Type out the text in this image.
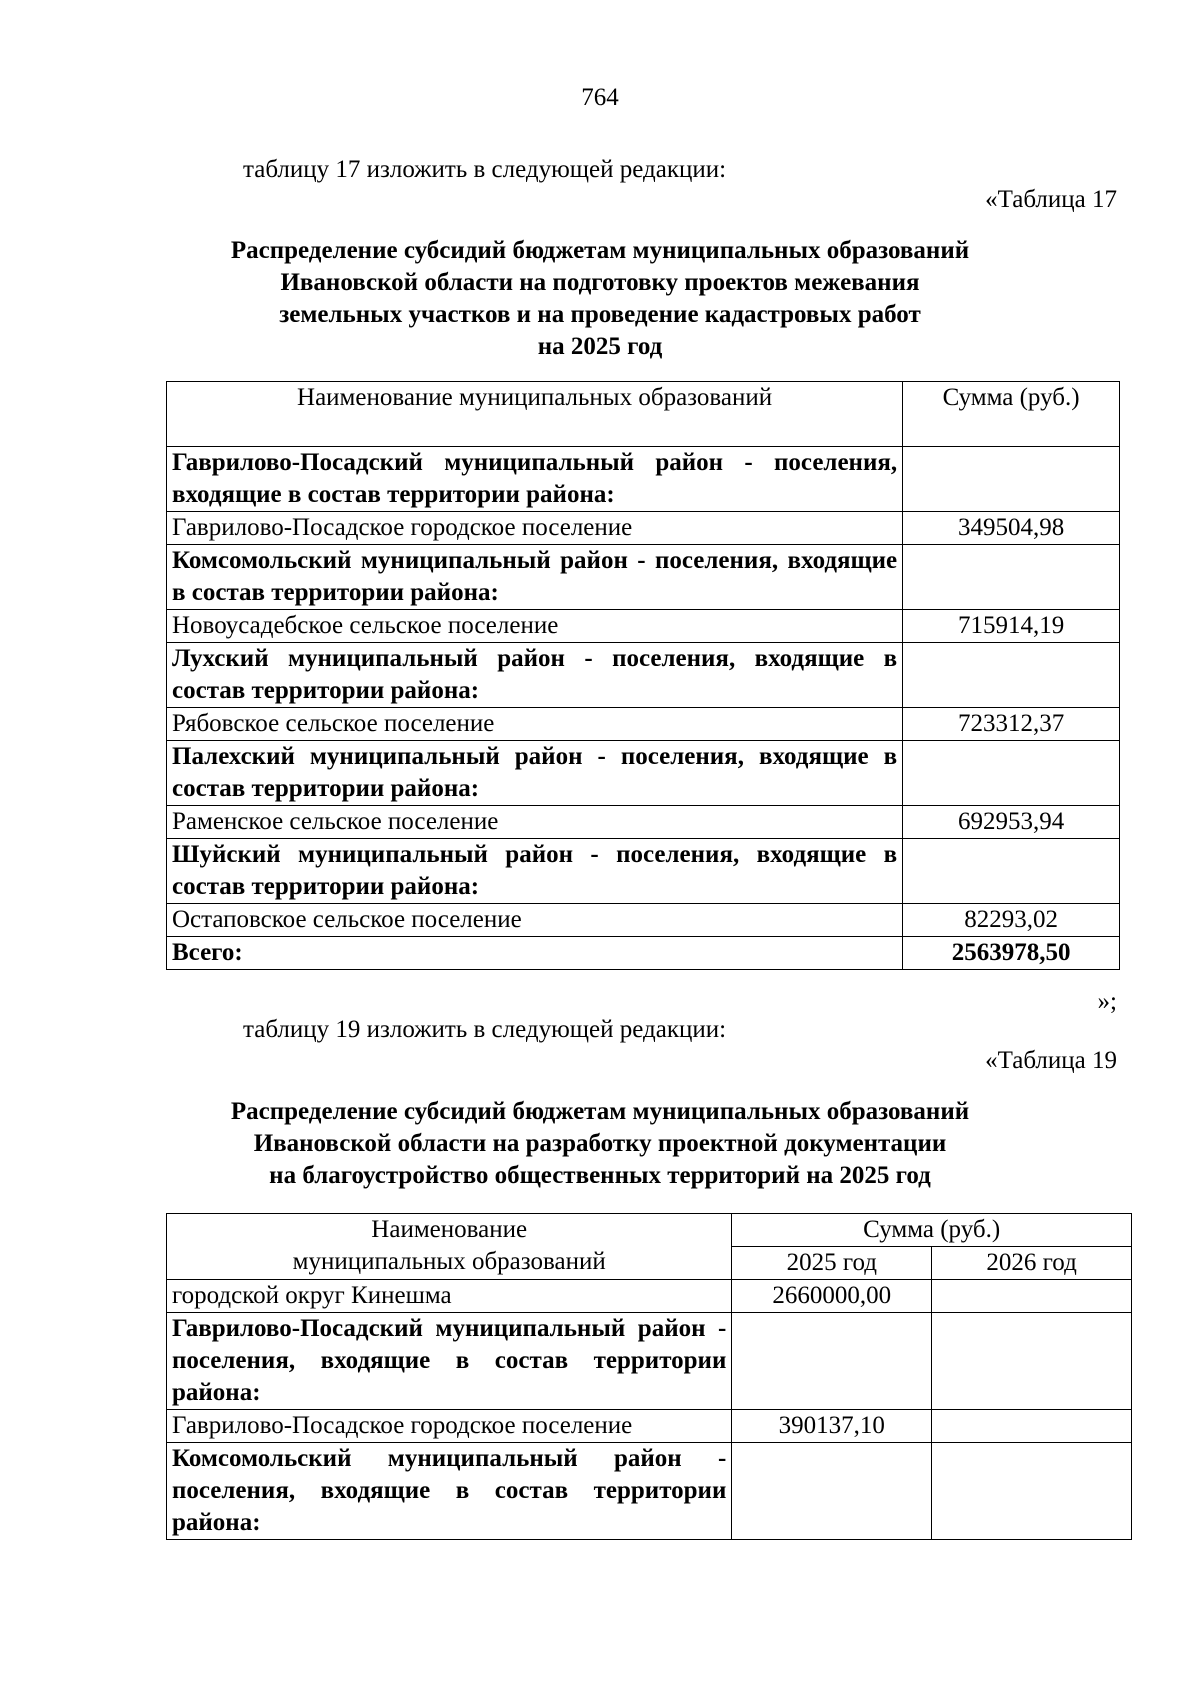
764
таблицу 17 изложить в следующей редакции:
«Таблица 17
Распределение субсидий бюджетам муниципальных образований
Ивановской области на подготовку проектов межевания
земельных участков и на проведение кадастровых работ
на 2025 год
Наименование муниципальных образований	Сумма (руб.)
Гаврилово-Посадский муниципальный район - поселения, входящие в состав территории района:	
Гаврилово-Посадское городское поселение	349504,98
Комсомольский муниципальный район - поселения, входящие в состав территории района:	
Новоусадебское сельское поселение	715914,19
Лухский муниципальный район - поселения, входящие в состав территории района:	
Рябовское сельское поселение	723312,37
Палехский муниципальный район - поселения, входящие в состав территории района:	
Раменское сельское поселение	692953,94
Шуйский муниципальный район - поселения, входящие в состав территории района:	
Остаповское сельское поселение	82293,02
Всего:	2563978,50
»;
таблицу 19 изложить в следующей редакции:
«Таблица 19
Распределение субсидий бюджетам муниципальных образований
Ивановской области на разработку проектной документации
на благоустройство общественных территорий на 2025 год
Наименование
муниципальных образований	Сумма (руб.)	
	2025 год	2026 год
городской округ Кинешма	2660000,00	
Гаврилово-Посадский муниципальный район - поселения, входящие в состав территории района:		
Гаврилово-Посадское городское поселение	390137,10	
Комсомольский муниципальный район - поселения, входящие в состав территории района:		
